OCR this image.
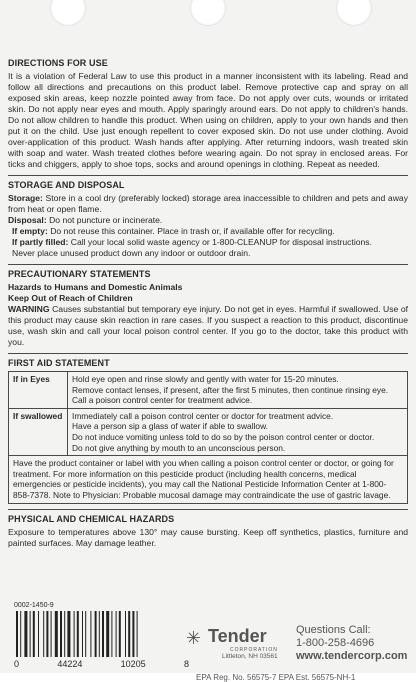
DIRECTIONS FOR USE

It is a violation of Federal Law to use this product in a manner inconsistent with its labeling. Read and follow all directions and precautions on this product label. Remove protective cap and spray on all exposed skin areas, keep nozzle pointed away from face. Do not apply over cuts, wounds or irritated skin. Do not apply near eyes and mouth. Apply sparingly around ears. Do not apply to children's hands. Do not allow children to handle this product. When using on children, apply to your own hands and then put it on the child. Use just enough repellent to cover exposed skin. Do not use under clothing. Avoid over-application of this product. Wash hands after applying. After returning indoors, wash treated skin with soap and water. Wash treated clothes before wearing again. Do not spray in enclosed areas. For ticks and chiggers, apply to shoe tops, socks and around openings in clothing. Repeat as needed.

STORAGE AND DISPOSAL

Storage: Store in a cool dry (preferably locked) storage area inaccessible to children and pets and away from heat or open flame.

Disposal: Do not puncture or incinerate.

If empty: Do not reuse this container. Place in trash or, if available offer for recycling.

If partly filled: Call your local solid waste agency or 1-800-CLEANUP for disposal instructions.

Never place unused product down any indoor or outdoor drain.

PRECAUTIONARY STATEMENTS
Hazards to Humans and Domestic Animals
Keep Out of Reach of Children

WARNING Causes substantial but temporary eye injury. Do not get in eyes. Harmful if swallowed. Use of this product may cause skin reaction in rare cases. If you suspect a reaction to this product, discontinue use, wash skin and call your local poison control center. If you go to the doctor, take this product with you.

FIRST AID STATEMENT
If in Eyes	Hold eye open and rinse slowly and gently with water for 15-20 minutes.
Remove contact lenses, if present, after the first 5 minutes, then continue rinsing eye.
Call a poison control center for treatment advice.

If swallowed	Immediately call a poison control center or doctor for treatment advice.
Have a person sip a glass of water if able to swallow.
Do not induce vomiting unless told to do so by the poison control center or doctor.
Do not give anything by mouth to an unconscious person.
Have the product container or label with you when calling a poison control center or doctor, or going for treatment. For more information on this pesticide product (including health concerns, medical emergencies or pesticide incidents), you may call the National Pesticide Information Center at 1-800-858-7378. Note to Physician: Probable mucosal damage may contraindicate the use of gastric lavage.
PHYSICAL AND CHEMICAL HAZARDS

Exposure to temperatures above 130° may cause bursting. Keep off synthetics, plastics, furniture and painted surfaces. May damage leather.

0002-1450-9
0	44224	10205	8
✳ Tender
CORPORATION
Littleton, NH 03561
Questions Call:
1-800-258-4696
www.tendercorp.com
EPA Reg. No. 56575-7 EPA Est. 56575-NH-1
